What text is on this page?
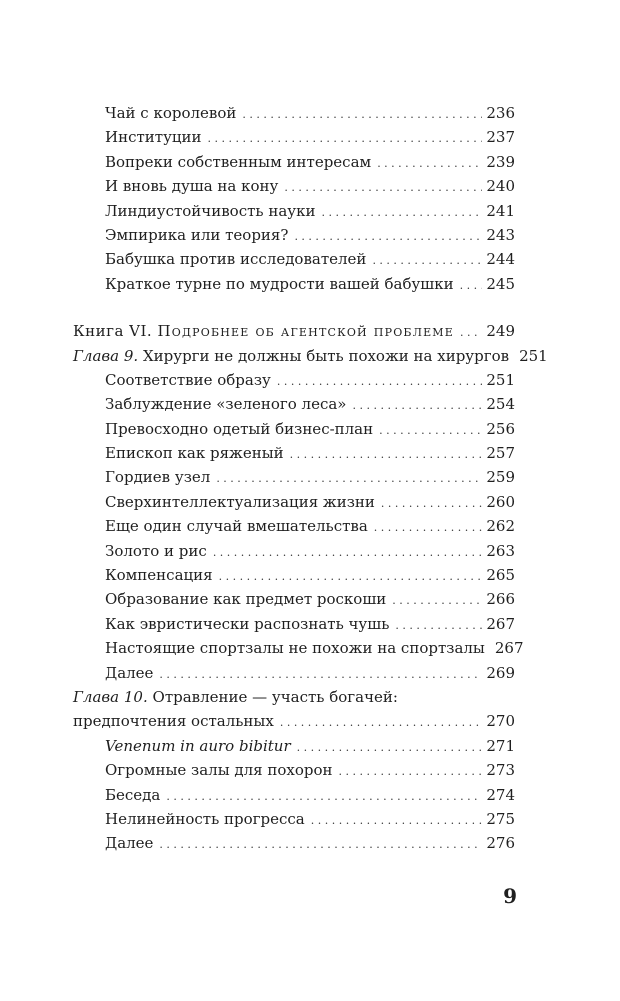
Чай с королевой . . .	236
Институции . . .	237
Вопреки собственным интересам . . .	239
И вновь душа на кону . . .	240
Линдиустойчивость науки . . .	241
Эмпирика или теория? . . .	243
Бабушка против исследователей . . .	244
Краткое турне по мудрости вашей бабушки . . . 245
Книга VI. Подробнее об агентской проблеме . . . 249
Глава 9. Хирурги не должны быть похожи на хирургов 251
Соответствие образу . . .	251
Заблуждение «зеленого леса» . . .	254
Превосходно одетый бизнес-план . . .	256
Епископ как ряженый . . .	257
Гордиев узел . . .	259
Сверхинтеллектуализация жизни . . .	260
Еще один случай вмешательства . . .	262
Золото и рис . . .	263
Компенсация . . .	265
Образование как предмет роскоши . . .	266
Как эвристически распознать чушь . . .	267
Настоящие спортзалы не похожи на спортзалы 267
Далее . . .	269
Глава 10. Отравление — участь богачей:
предпочтения остальных . . .	270
Venenum in auro bibitur . . .	271
Огромные залы для похорон . . .	273
Беседа . . .	274
Нелинейность прогресса . . .	275
Далее . . .	276
9
